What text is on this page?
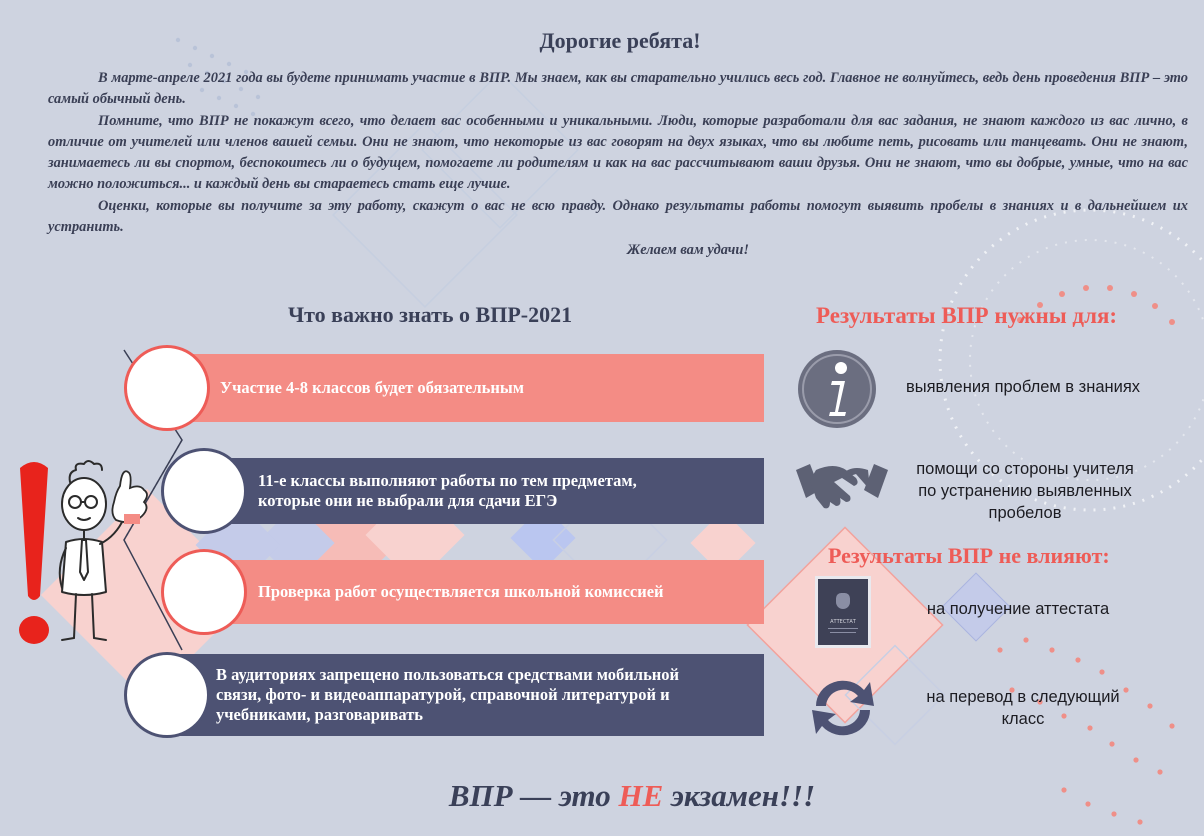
Дорогие ребята!

В марте-апреле 2021 года вы будете принимать участие в ВПР. Мы знаем, как вы старательно учились весь год. Главное не волнуйтесь, ведь день проведения ВПР – это самый обычный день.

Помните, что ВПР не покажут всего, что делает вас особенными и уникальными. Люди, которые разработали для вас задания, не знают каждого из вас лично, в отличие от учителей или членов вашей семьи. Они не знают, что некоторые из вас говорят на двух языках, что вы любите петь, рисовать или танцевать. Они не знают, занимаетесь ли вы спортом, беспокоитесь ли о будущем, помогаете ли родителям и как на вас рассчитывают ваши друзья. Они не знают, что вы добрые, умные, что на вас можно положиться... и каждый день вы стараетесь стать еще лучше.

Оценки, которые вы получите за эту работу, скажут о вас не всю правду. Однако результаты работы помогут выявить пробелы в знаниях и в дальнейшем их устранить.

Желаем вам удачи!

Что важно знать о ВПР-2021	Результаты ВПР нужны для:
Результаты ВПР не влияют:
Участие 4-8 классов будет обязательным
11-е классы выполняют работы по тем предметам,
которые они не выбрали для сдачи ЕГЭ
Проверка работ осуществляется школьной комиссией
В аудиториях запрещено пользоваться средствами мобильной
связи, фото- и видеоаппаратурой, справочной литературой и
учебниками, разговаривать
выявления проблем в знаниях
помощи со стороны учителя
по устранению выявленных
пробелов
АТТЕСТАТ
на получение аттестата
на перевод в следующий
класс
ВПР — это НЕ экзамен!!!
